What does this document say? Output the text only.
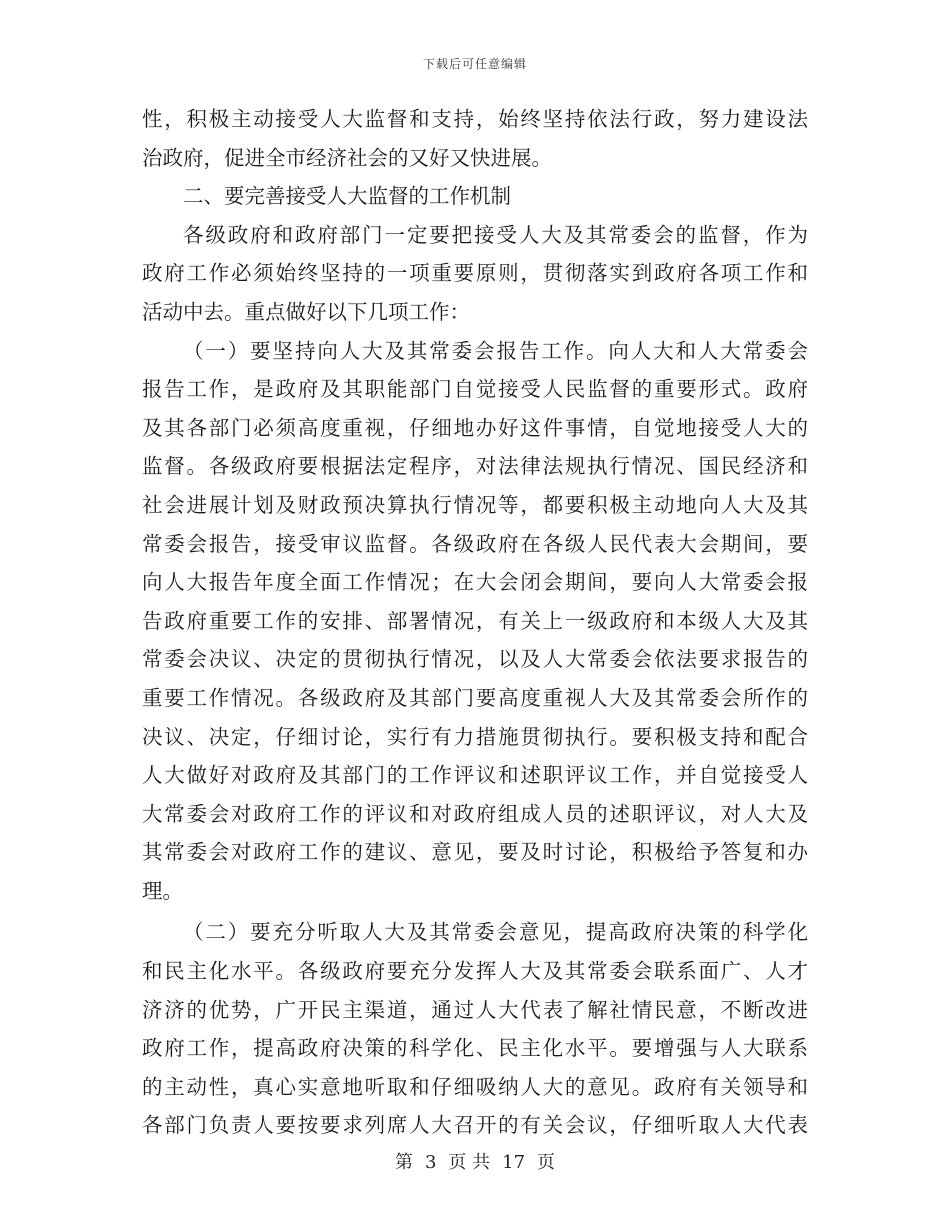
下载后可任意编辑
性，积极主动接受人大监督和支持，始终坚持依法行政，努力建设法
治政府，促进全市经济社会的又好又快进展。
二、要完善接受人大监督的工作机制
各级政府和政府部门一定要把接受人大及其常委会的监督，作为
政府工作必须始终坚持的一项重要原则，贯彻落实到政府各项工作和
活动中去。重点做好以下几项工作：
（一）要坚持向人大及其常委会报告工作。向人大和人大常委会
报告工作，是政府及其职能部门自觉接受人民监督的重要形式。政府
及其各部门必须高度重视，仔细地办好这件事情，自觉地接受人大的
监督。各级政府要根据法定程序，对法律法规执行情况、国民经济和
社会进展计划及财政预决算执行情况等，都要积极主动地向人大及其
常委会报告，接受审议监督。各级政府在各级人民代表大会期间，要
向人大报告年度全面工作情况；在大会闭会期间，要向人大常委会报
告政府重要工作的安排、部署情况，有关上一级政府和本级人大及其
常委会决议、决定的贯彻执行情况，以及人大常委会依法要求报告的
重要工作情况。各级政府及其部门要高度重视人大及其常委会所作的
决议、决定，仔细讨论，实行有力措施贯彻执行。要积极支持和配合
人大做好对政府及其部门的工作评议和述职评议工作，并自觉接受人
大常委会对政府工作的评议和对政府组成人员的述职评议，对人大及
其常委会对政府工作的建议、意见，要及时讨论，积极给予答复和办
理。
（二）要充分听取人大及其常委会意见，提高政府决策的科学化
和民主化水平。各级政府要充分发挥人大及其常委会联系面广、人才
济济的优势，广开民主渠道，通过人大代表了解社情民意，不断改进
政府工作，提高政府决策的科学化、民主化水平。要增强与人大联系
的主动性，真心实意地听取和仔细吸纳人大的意见。政府有关领导和
各部门负责人要按要求列席人大召开的有关会议，仔细听取人大代表
第 3 页 共 17 页
